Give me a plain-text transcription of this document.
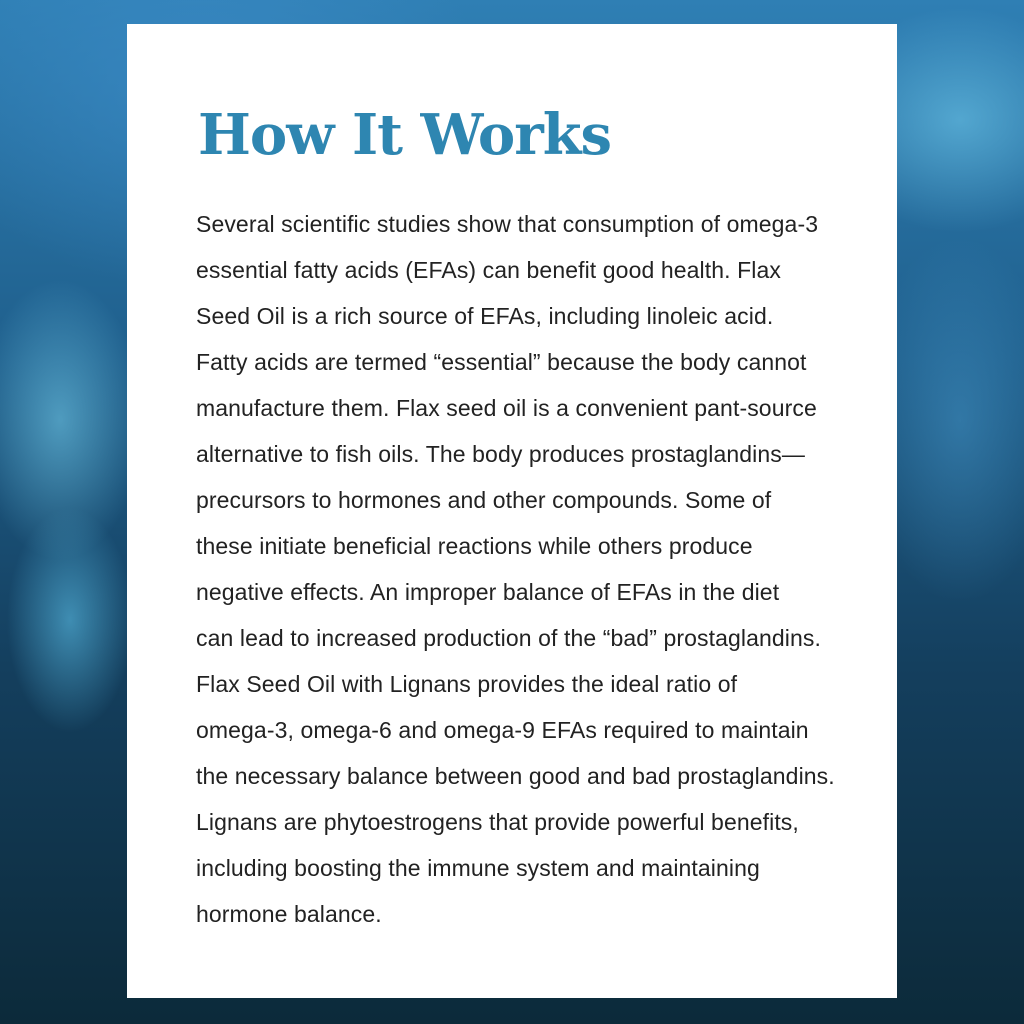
How It Works
Several scientific studies show that consumption of omega-3
essential fatty acids (EFAs) can benefit good health. Flax
Seed Oil is a rich source of EFAs, including linoleic acid.
Fatty acids are termed “essential” because the body cannot
manufacture them. Flax seed oil is a convenient pant-source
alternative to fish oils. The body produces prostaglandins—
precursors to hormones and other compounds. Some of
these initiate beneficial reactions while others produce
negative effects. An improper balance of EFAs in the diet
can lead to increased production of the “bad” prostaglandins.
Flax Seed Oil with Lignans provides the ideal ratio of
omega-3, omega-6 and omega-9 EFAs required to maintain
the necessary balance between good and bad prostaglandins.
Lignans are phytoestrogens that provide powerful benefits,
including boosting the immune system and maintaining
hormone balance.
